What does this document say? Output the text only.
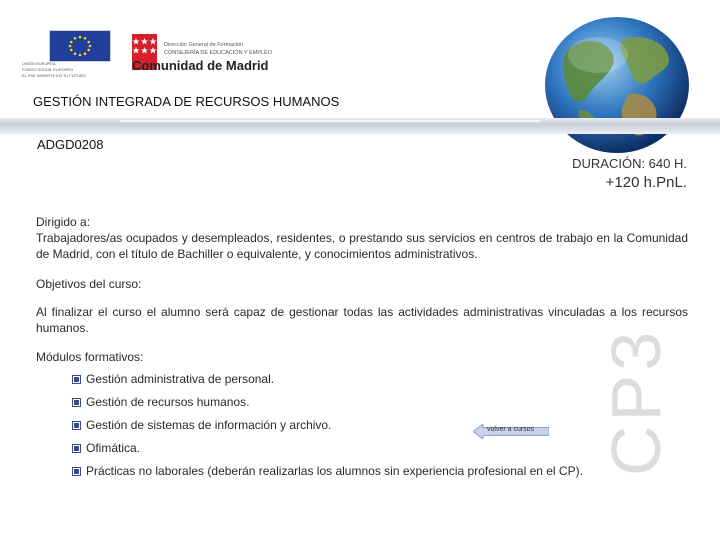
UNIÓN EUROPEA
FONDO SOCIAL EUROPEO
EL FSE INVIERTE EN TU FUTURO
Dirección General de Formación
CONSEJERÍA DE EDUCACIÓN Y EMPLEO
Comunidad de Madrid
GESTIÓN INTEGRADA DE RECURSOS HUMANOS
ADGD0208
DURACIÓN: 640 H.
+120 h.PnL.
Dirigido a:
Trabajadores/as ocupados y desempleados, residentes, o prestando sus servicios en centros de trabajo en la Comunidad de Madrid, con el título de Bachiller o equivalente, y conocimientos administrativos.
Objetivos del curso:
Al finalizar el curso el alumno será capaz de gestionar todas las actividades administrativas vinculadas a los recursos humanos.
Módulos formativos:
Gestión administrativa de personal.
Gestión de recursos humanos.
Gestión de sistemas de información y archivo.
Ofimática.
Prácticas no laborales (deberán realizarlas los alumnos sin experiencia profesional en el CP).
volver a cursos CP3
